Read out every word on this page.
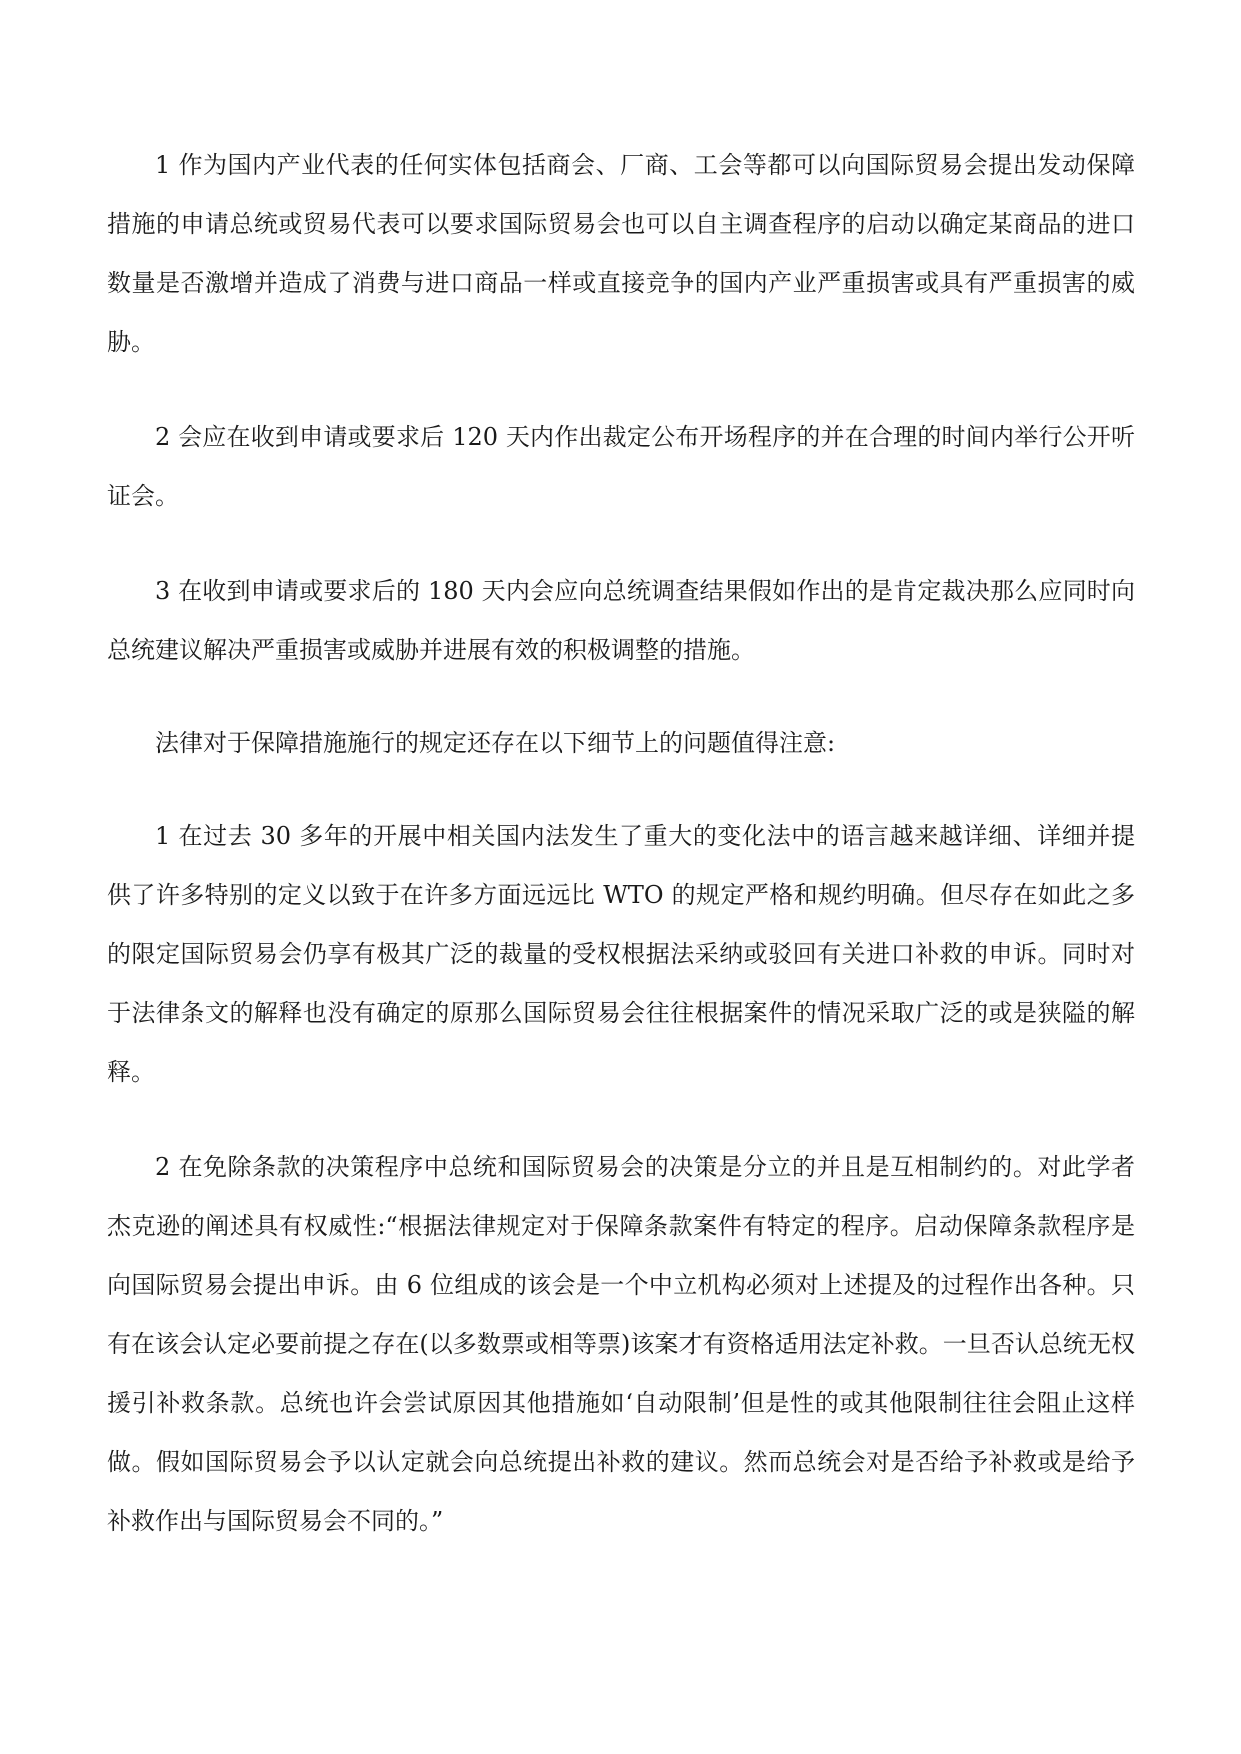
1 作为国内产业代表的任何实体包括商会、厂商、工会等都可以向国际贸易会提出发动保障措施的申请总统或贸易代表可以要求国际贸易会也可以自主调查程序的启动以确定某商品的进口数量是否激增并造成了消费与进口商品一样或直接竞争的国内产业严重损害或具有严重损害的威胁。

2 会应在收到申请或要求后 120 天内作出裁定公布开场程序的并在合理的时间内举行公开听证会。

3 在收到申请或要求后的 180 天内会应向总统调查结果假如作出的是肯定裁决那么应同时向总统建议解决严重损害或威胁并进展有效的积极调整的措施。

法律对于保障措施施行的规定还存在以下细节上的问题值得注意:

1 在过去 30 多年的开展中相关国内法发生了重大的变化法中的语言越来越详细、详细并提供了许多特别的定义以致于在许多方面远远比 WTO 的规定严格和规约明确。但尽存在如此之多的限定国际贸易会仍享有极其广泛的裁量的受权根据法采纳或驳回有关进口补救的申诉。同时对于法律条文的解释也没有确定的原那么国际贸易会往往根据案件的情况采取广泛的或是狭隘的解释。

2 在免除条款的决策程序中总统和国际贸易会的决策是分立的并且是互相制约的。对此学者杰克逊的阐述具有权威性:“根据法律规定对于保障条款案件有特定的程序。启动保障条款程序是向国际贸易会提出申诉。由 6 位组成的该会是一个中立机构必须对上述提及的过程作出各种。只有在该会认定必要前提之存在(以多数票或相等票)该案才有资格适用法定补救。一旦否认总统无权援引补救条款。总统也许会尝试原因其他措施如‘自动限制’但是性的或其他限制往往会阻止这样做。假如国际贸易会予以认定就会向总统提出补救的建议。然而总统会对是否给予补救或是给予补救作出与国际贸易会不同的。”
